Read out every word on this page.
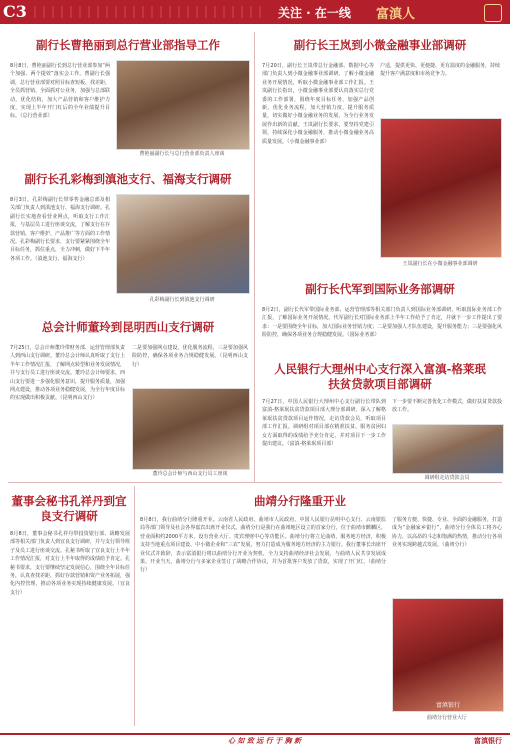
C3	关注 · 在一线 富滇人
副行长曹艳丽到总行营业部指导工作
8月8日，曹艳丽副行长到总行营业部参加“两个加强、两个提效”落实会工作。曹副行长强调，总行营业部要对照目标查短板、找差距，全员抓营销、全面抓对公业务，加强与总部联动，优化结构，加大产品营销和客户维护力度，实现上半年开门红后的全年业绩提升目标。（总行营业部）
曹艳丽副行长与总行营业部负责人座谈
副行长王岚到小微金融事业部调研
7月20日，副行长王岚带总行金融部、数据中心等部门负责人到小微金融事业部调研，了解小微金融业务开展情况，听取小微金融事业部工作汇报。王岚副行长指出，小微金融事业部要认真落实总行党委的工作部署，围绕年度目标任务，加强产品创新，优化业务流程，加大营销力度，提升服务质量，切实做好小微金融业务的发展，为全行业务发展作出新的贡献。王岚副行长要求，要坚持党建引领，持续深化小微金融服务，推动小微金融业务高质量发展。（小微金融事业部）
户适，提供更快、更便捷、更有温度的金融服务，持续提升客户满意度和市场竞争力。
王岚副行长在小微金融事业部调研
副行长孔彩梅到滇池支行、福海支行调研
8月3日，孔彩梅副行长带零售金融总部及相关部门负责人到滇池支行、福海支行调研。孔副行长实地查看营业网点，听取支行工作汇报，与基层员工进行座谈交流，了解支行在存款营销、客户维护、产品推广等方面的工作情况。孔彩梅副行长要求，支行要紧紧围绕全年目标任务，抓住重点，全力冲刺，做好下半年各项工作。（滇池支行、福海支行）
孔彩梅副行长到滇池支行调研
副行长代军到国际业务部调研
8月2日，副行长代军带国际业务部、运营管理部等相关部门负责人到国际业务部调研，听取国际业务部工作汇报，了解国际业务开展情况。代军副行长对国际业务部上半年工作给予了肯定，并就下一步工作提出了要求：一是要围绕全年目标，加大国际业务营销力度；二是要加强人才队伍建设，提升服务能力；三是要强化风险防控，确保各项业务合规稳健发展。（国际业务部）
总会计师董玲到昆明西山支行调研
7月25日，总会计师董玲带财务部、运营管理部负责人到西山支行调研。董玲总会计师认真听取了支行上半年工作情况汇报，了解网点转型和业务发展情况，并与支行员工进行座谈交流。董玲总会计师要求，西山支行要进一步强化服务意识，提升服务质量，加强网点建设，推动各项业务稳健发展，为全行年度目标的实现做出积极贡献。（昆明西山支行）
二是要加强网点建设，优化服务流程，三是要加强风险防控，确保各项业务合规稳健发展。（昆明西山支行）
董玲总会计师与西山支行员工座谈
人民银行大理州中心支行深入富滇-格莱珉扶贫贷款项目部调研
7月27日，中国人民银行大理州中心支行副行长带队到富滇-格莱珉扶贫贷款项目部大理分部调研，深入了解格莱珉扶贫贷款项目运作情况，走访贷款会员，听取项目部工作汇报。调研组对项目部在精准扶贫、服务贫困妇女方面取得的成绩给予充分肯定，并对项目下一步工作提出建议。（富滇-格莱珉项目部）
下一步要不断完善优化工作模式，做好扶贫贷款投放工作。
调研组走访贷款会员
董事会秘书孔祥丹到宜良支行调研
8月8日，董事会秘书孔祥丹带投资银行部、战略发展部等相关部门负责人到宜良支行调研，并与支行领导班子及员工进行座谈交流。孔秘书听取了宜良支行上半年工作情况汇报，对支行上半年取得的成绩给予肯定。孔秘书要求，支行要继续坚定发展信心，围绕全年目标任务，认真查找差距，抓好存款营销和资产业务拓展，强化内控管理，推动各项业务实现持续健康发展。（宜良支行）
曲靖分行隆重开业
8月8日，我行曲靖分行隆重开业。云南省人民政府、曲靖市人民政府、中国人民银行昆明中心支行、云南银监局等部门领导及社会各界嘉宾出席开业仪式。曲靖分行是我行在曲靖地区设立的首家分行，位于曲靖市麒麟区，营业面积约2000平方米，设有营业大厅、贵宾理财中心等功能区。曲靖分行将立足曲靖、服务地方经济，积极支持当地重点项目建设、中小微企业和“三农”发展，努力打造成为服务地方经济的主力银行。我行董事长出席开业仪式并致辞，表示富滇银行将以曲靖分行开业为契机，全力支持曲靖经济社会发展，与曲靖人民共享发展成果。开业当天，曲靖分行与多家企业签订了战略合作协议，并为首批客户发放了贷款，实现了开门红。（曲靖分行）
了服务方便、快捷、专业、全面的金融服务，打造成为“金融家乡银行”，曲靖分行全体员工将齐心协力，以高昂的斗志和饱满的热情，推动分行各项业务实现跨越式发展。（曲靖分行）
富滇银行
曲靖分行营业大厅
心 如 致 远 行 于 胸 新	富滇银行
